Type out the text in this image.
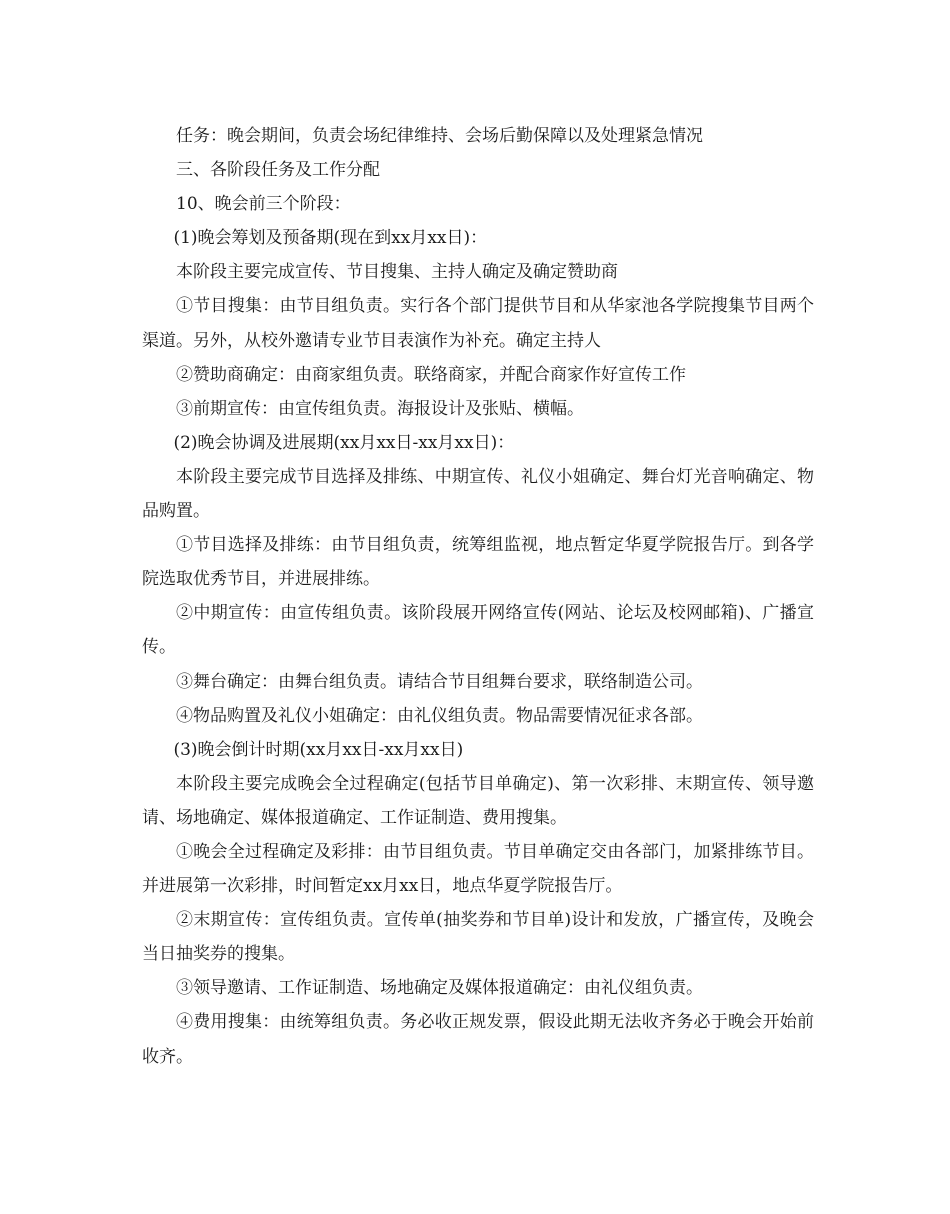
任务：晚会期间，负责会场纪律维持、会场后勤保障以及处理紧急情况

三、各阶段任务及工作分配

10、晚会前三个阶段：

(1)晚会筹划及预备期(现在到xx月xx日)：

本阶段主要完成宣传、节目搜集、主持人确定及确定赞助商

①节目搜集：由节目组负责。实行各个部门提供节目和从华家池各学院搜集节目两个渠道。另外，从校外邀请专业节目表演作为补充。确定主持人

②赞助商确定：由商家组负责。联络商家，并配合商家作好宣传工作

③前期宣传：由宣传组负责。海报设计及张贴、横幅。

(2)晚会协调及进展期(xx月xx日-xx月xx日)：

本阶段主要完成节目选择及排练、中期宣传、礼仪小姐确定、舞台灯光音响确定、物品购置。

①节目选择及排练：由节目组负责，统筹组监视，地点暂定华夏学院报告厅。到各学院选取优秀节目，并进展排练。

②中期宣传：由宣传组负责。该阶段展开网络宣传(网站、论坛及校网邮箱)、广播宣传。

③舞台确定：由舞台组负责。请结合节目组舞台要求，联络制造公司。

④物品购置及礼仪小姐确定：由礼仪组负责。物品需要情况征求各部。

(3)晚会倒计时期(xx月xx日-xx月xx日)

本阶段主要完成晚会全过程确定(包括节目单确定)、第一次彩排、末期宣传、领导邀请、场地确定、媒体报道确定、工作证制造、费用搜集。

①晚会全过程确定及彩排：由节目组负责。节目单确定交由各部门，加紧排练节目。并进展第一次彩排，时间暂定xx月xx日，地点华夏学院报告厅。

②末期宣传：宣传组负责。宣传单(抽奖券和节目单)设计和发放，广播宣传，及晚会当日抽奖券的搜集。

③领导邀请、工作证制造、场地确定及媒体报道确定：由礼仪组负责。

④费用搜集：由统筹组负责。务必收正规发票，假设此期无法收齐务必于晚会开始前收齐。
